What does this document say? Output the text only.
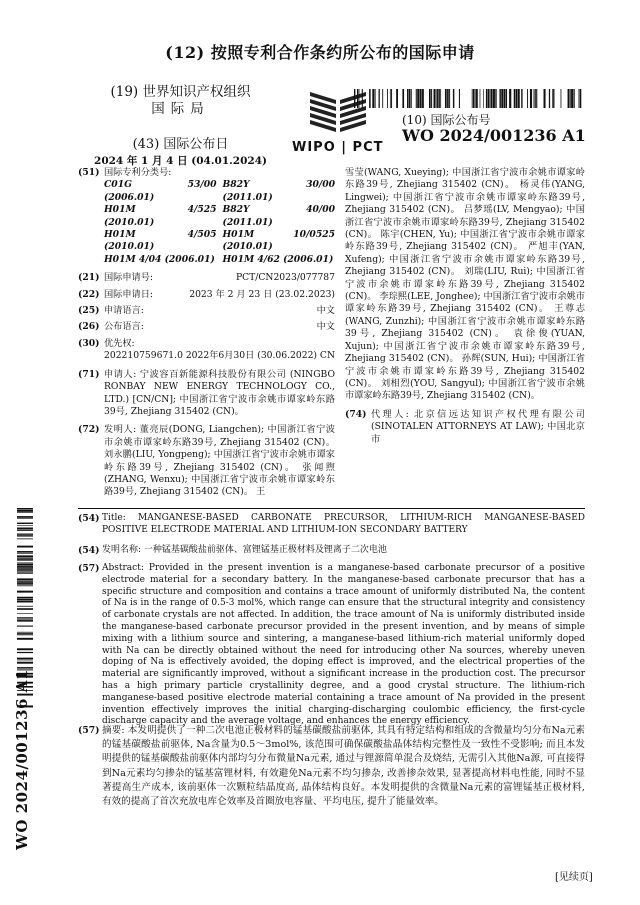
(12) 按照专利合作条约所公布的国际申请
(19) 世界知识产权组织
国际局
(43) 国际公布日
2024 年 1 月 4 日 (04.01.2024)
WIPO | PCT
(10) 国际公布号
WO 2024/001236 A1
WO 2024/001236 A1
(51) 国际专利分类号:
C01G 53/00 (2006.01)
B82Y 30/00 (2011.01)
H01M 4/525 (2010.01)
B82Y 40/00 (2011.01)
H01M 4/505 (2010.01)
H01M 10/0525 (2010.01)
H01M 4/04 (2006.01) H01M 4/62 (2006.01)
(21) 国际申请号:	PCT/CN2023/077787
(22) 国际申请日:	2023 年 2 月 23 日 (23.02.2023)
(25) 申请语言:	中文
(26) 公布语言:	中文
(30) 优先权:
202210759671.0 2022年6月30日 (30.06.2022) CN
(71) 申请人: 宁波容百新能源科技股份有限公司 (NINGBO RONBAY NEW ENERGY TECHNOLOGY CO., LTD.) [CN/CN]; 中国浙江省宁波市余姚市谭家岭东路39号, Zhejiang 315402 (CN)。
(72) 发明人: 董亮辰(DONG, Liangchen); 中国浙江省宁波市余姚市谭家岭东路39号, Zhejiang 315402 (CN)。 刘永鹏(LIU, Yongpeng); 中国浙江省宁波市余姚市谭家岭东路39号, Zhejiang 315402 (CN)。 张闻煦(ZHANG, Wenxu); 中国浙江省宁波市余姚市谭家岭东路39号, Zhejiang 315402 (CN)。 王
雪莹(WANG, Xueying); 中国浙江省宁波市余姚市谭家岭东路39号, Zhejiang 315402 (CN)。 杨灵伟(YANG, Lingwei); 中国浙江省宁波市余姚市谭家岭东路39号, Zhejiang 315402 (CN)。 吕梦瑶(LV, Mengyao); 中国浙江省宁波市余姚市谭家岭东路39号, Zhejiang 315402 (CN)。 陈宇(CHEN, Yu); 中国浙江省宁波市余姚市谭家岭东路39号, Zhejiang 315402 (CN)。 严旭丰(YAN, Xufeng); 中国浙江省宁波市余姚市谭家岭东路39号, Zhejiang 315402 (CN)。 刘瑞(LIU, Rui); 中国浙江省宁波市余姚市谭家岭东路39号, Zhejiang 315402 (CN)。 李琮熙(LEE, Jonghee); 中国浙江省宁波市余姚市谭家岭东路39号, Zhejiang 315402 (CN)。 王尊志(WANG, Zunzhi); 中国浙江省宁波市余姚市谭家岭东路39号, Zhejiang 315402 (CN)。 袁徐俊(YUAN, Xujun); 中国浙江省宁波市余姚市谭家岭东路39号, Zhejiang 315402 (CN)。 孙辉(SUN, Hui); 中国浙江省宁波市余姚市谭家岭东路39号, Zhejiang 315402 (CN)。 刘相烈(YOU, Sangyul); 中国浙江省宁波市余姚市谭家岭东路39号, Zhejiang 315402 (CN)。
(74) 代理人: 北京信远达知识产权代理有限公司 (SINOTALEN ATTORNEYS AT LAW); 中国北京市
(54) Title: MANGANESE-BASED CARBONATE PRECURSOR, LITHIUM-RICH MANGANESE-BASED POSITIVE ELECTRODE MATERIAL AND LITHIUM-ION SECONDARY BATTERY
(54) 发明名称: 一种锰基碳酸盐前驱体、富锂锰基正极材料及锂离子二次电池
(57) Abstract: Provided in the present invention is a manganese-based carbonate precursor of a positive electrode material for a secondary battery. In the manganese-based carbonate precursor that has a specific structure and composition and contains a trace amount of uniformly distributed Na, the content of Na is in the range of 0.5-3 mol%, which range can ensure that the structural integrity and consistency of carbonate crystals are not affected. In addition, the trace amount of Na is uniformly distributed inside the manganese-based carbonate precursor provided in the present invention, and by means of simple mixing with a lithium source and sintering, a manganese-based lithium-rich material uniformly doped with Na can be directly obtained without the need for introducing other Na sources, whereby uneven doping of Na is effectively avoided, the doping effect is improved, and the electrical properties of the material are significantly improved, without a significant increase in the production cost. The precursor has a high primary particle crystallinity degree, and a good crystal structure. The lithium-rich manganese-based positive electrode material containing a trace amount of Na provided in the present invention effectively improves the initial charging-discharging coulombic efficiency, the first-cycle discharge capacity and the average voltage, and enhances the energy efficiency.
(57) 摘要: 本发明提供了一种二次电池正极材料的锰基碳酸盐前驱体, 其具有特定结构和组成的含微量均匀分布Na元素的锰基碳酸盐前驱体, Na含量为0.5～3mol%, 该范围可确保碳酸盐晶体结构完整性及一致性不受影响; 而且本发明提供的锰基碳酸盐前驱体内部均匀分布微量Na元素, 通过与锂源简单混合及烧结, 无需引入其他Na源, 可直接得到Na元素均匀掺杂的锰基富锂材料, 有效避免Na元素不均匀掺杂, 改善掺杂效果, 显著提高材料电性能, 同时不显著提高生产成本, 该前驱体一次颗粒结晶度高, 晶体结构良好。本发明提供的含微量Na元素的富锂锰基正极材料, 有效的提高了首次充放电库仑效率及首圈放电容量、平均电压, 提升了能量效率。
[见续页]
